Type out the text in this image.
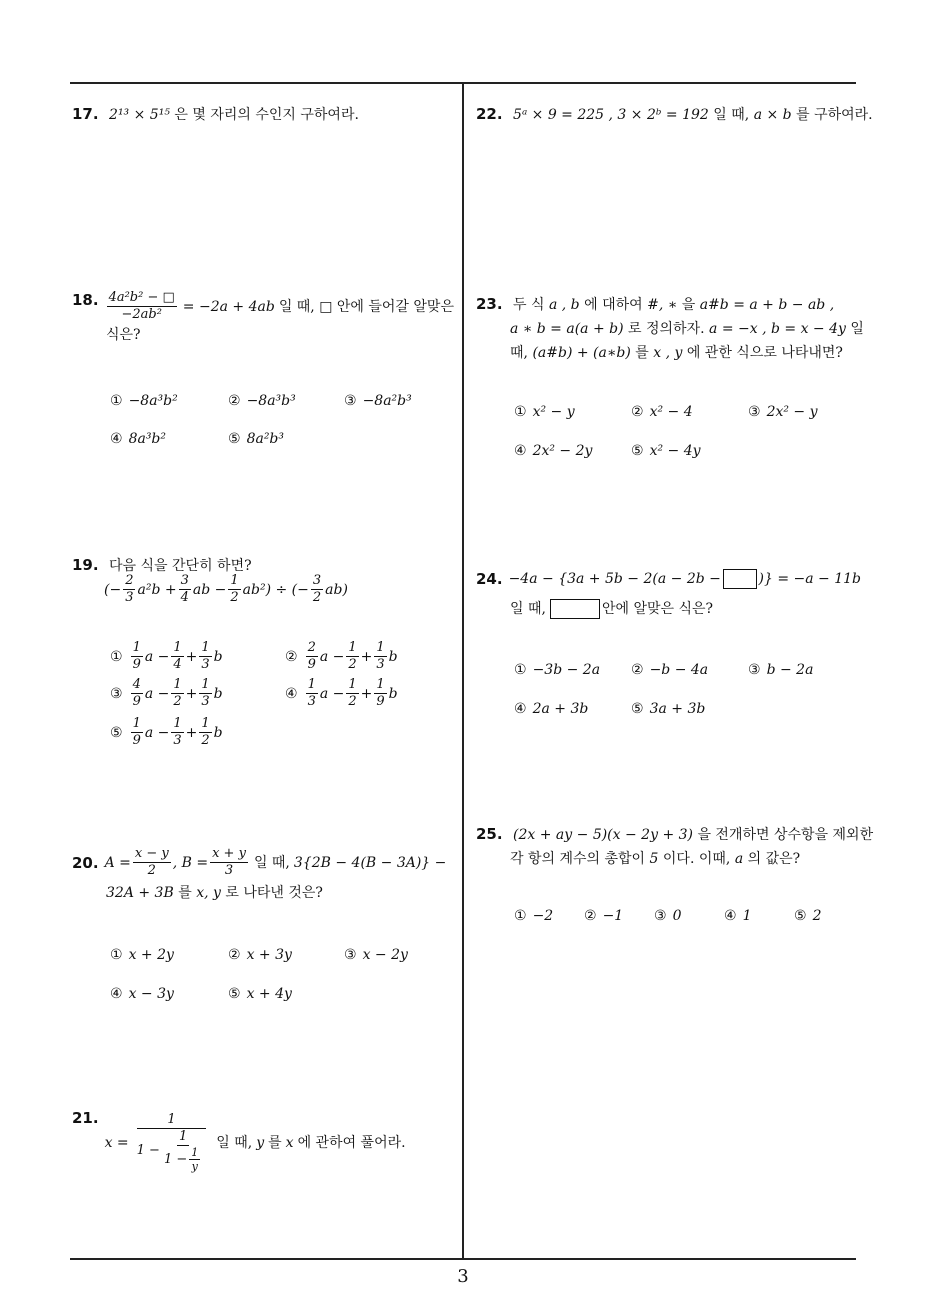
17. 2¹³ × 5¹⁵ 은 몇 자리의 수인지 구하여라.
18. $\frac{\text{4a²b² − □}}{\text{−2ab²}} = -2a + 4ab$ 일 때, □ 안에 들어갈 알맞은
식은?
① −8a³b²	② −8a³b³	③ −8a²b³
④ 8a³b²	⑤ 8a²b³
19. 다음 식을 간단히 하면?
(− $\frac{2}{3} a^2b + \frac{3}{4}$ ab − $\frac{1}{2} ab^2$) ÷ (− $\frac{3}{2} ab$)
① $\frac{1}{9}$ $a - \frac{1}{4} + \frac{1}{3}$ b	② $\frac{2}{9}$ $a - \frac{1}{2} + \frac{1}{3}$ b
③ $\frac{4}{9}$ $a - \frac{1}{2} + \frac{1}{3}$ b	④ $\frac{1}{3}$ $a - \frac{1}{2} + \frac{1}{9}$ b
⑤ $\frac{1}{9}$ $a - \frac{1}{3} + \frac{1}{2}$ b
20. $A = \frac{x - y}{2}$ , $B = \frac{x + y}{3}$ 일 때, 3{2B − 4(B − 3A)} −
32A + 3B 를 x, y 로 나타낸 것은?
① x + 2y	② x + 3y	③ x − 2y
④ x − 3y	⑤ x + 4y
21.
x =
1
$1 - \frac{1}{1 - \frac{1}{y}}$ 일 때, y 를 x 에 관하여 풀어라.
22. 5ᵃ × 9 = 225 , 3 × 2ᵇ = 192 일 때, a × b 를 구하여라.
23. 두 식 a , b 에 대하여 #, ∗ 을 a#b = a + b − ab ,
a ∗ b = a(a + b) 로 정의하자. a = −x , b = x − 4y 일
때, (a#b) + (a∗b) 를 x , y 에 관한 식으로 나타내면?
① x² − y	② x² − 4	③ 2x² − y
④ 2x² − 2y	⑤ x² − 4y
24. −4a − {3a + 5b − 2(a − 2b −	)} = −a − 11b
일 때,	안에 알맞은 식은?
① −3b − 2a ② −b − 4a	③ b − 2a
④ 2a + 3b	⑤ 3a + 3b
25. (2x + ay − 5)(x − 2y + 3) 을 전개하면 상수항을 제외한
각 항의 계수의 총합이 5 이다. 이때, a 의 값은?
① −2 ② −1 ③ 0	④ 1	⑤ 2
3
